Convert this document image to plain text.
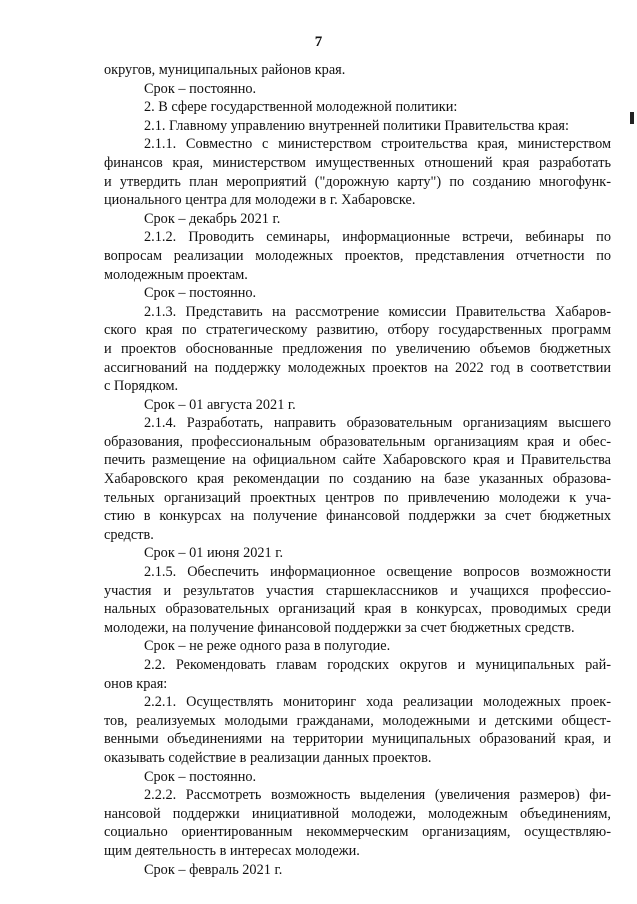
7
округов, муниципальных районов края.
Срок – постоянно.
2. В сфере государственной молодежной политики:
2.1. Главному управлению внутренней политики Правительства края:
2.1.1. Совместно с министерством строительства края, министерством
финансов края, министерством имущественных отношений края разработать
и утвердить план мероприятий ("дорожную карту") по созданию многофунк-
ционального центра для молодежи в г. Хабаровске.
Срок – декабрь 2021 г.
2.1.2. Проводить семинары, информационные встречи, вебинары по
вопросам реализации молодежных проектов, представления отчетности по
молодежным проектам.
Срок – постоянно.
2.1.3. Представить на рассмотрение комиссии Правительства Хабаров-
ского края по стратегическому развитию, отбору государственных программ
и проектов обоснованные предложения по увеличению объемов бюджетных
ассигнований на поддержку молодежных проектов на 2022 год в соответствии
с Порядком.
Срок – 01 августа 2021 г.
2.1.4. Разработать, направить образовательным организациям высшего
образования, профессиональным образовательным организациям края и обес-
печить размещение на официальном сайте Хабаровского края и Правительства
Хабаровского края рекомендации по созданию на базе указанных образова-
тельных организаций проектных центров по привлечению молодежи к уча-
стию в конкурсах на получение финансовой поддержки за счет бюджетных
средств.
Срок – 01 июня 2021 г.
2.1.5. Обеспечить информационное освещение вопросов возможности
участия и результатов участия старшеклассников и учащихся профессио-
нальных образовательных организаций края в конкурсах, проводимых среди
молодежи, на получение финансовой поддержки за счет бюджетных средств.
Срок – не реже одного раза в полугодие.
2.2. Рекомендовать главам городских округов и муниципальных рай-
онов края:
2.2.1. Осуществлять мониторинг хода реализации молодежных проек-
тов, реализуемых молодыми гражданами, молодежными и детскими общест-
венными объединениями на территории муниципальных образований края, и
оказывать содействие в реализации данных проектов.
Срок – постоянно.
2.2.2. Рассмотреть возможность выделения (увеличения размеров) фи-
нансовой поддержки инициативной молодежи, молодежным объединениям,
социально ориентированным некоммерческим организациям, осуществляю-
щим деятельность в интересах молодежи.
Срок – февраль 2021 г.
